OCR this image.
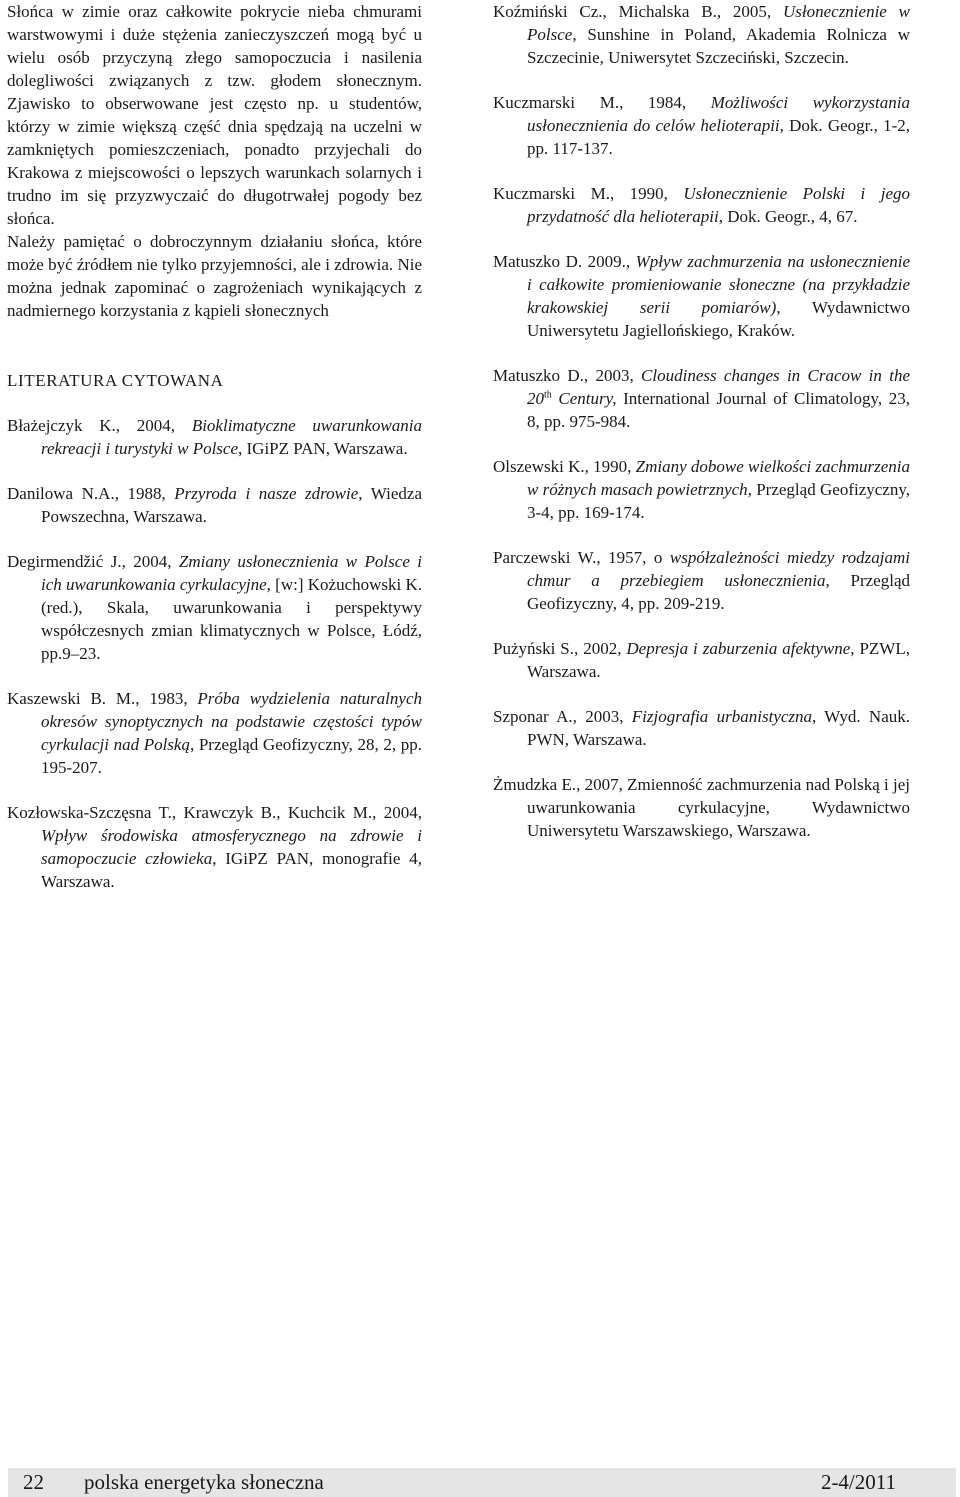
Słońca w zimie oraz całkowite pokrycie nieba chmurami warstwowymi i duże stężenia zanieczyszczeń mogą być u wielu osób przyczyną złego samopoczucia i nasilenia dolegliwości związanych z tzw. głodem słonecznym. Zjawisko to obserwowane jest często np. u studentów, którzy w zimie większą część dnia spędzają na uczelni w zamkniętych pomieszczeniach, ponadto przyjechali do Krakowa z miejscowości o lepszych warunkach solarnych i trudno im się przyzwyczaić do długotrwałej pogody bez słońca.

Należy pamiętać o dobroczynnym działaniu słońca, które może być źródłem nie tylko przyjemności, ale i zdrowia. Nie można jednak zapominać o zagrożeniach wynikających z nadmiernego korzystania z kąpieli słonecznych

LITERATURA CYTOWANA

Błażejczyk K., 2004, Bioklimatyczne uwarunkowania rekreacji i turystyki w Polsce, IGiPZ PAN, Warszawa.

Danilowa N.A., 1988, Przyroda i nasze zdrowie, Wiedza Powszechna, Warszawa.

Degirmendžić J., 2004, Zmiany usłonecznienia w Polsce i ich uwarunkowania cyrkulacyjne, [w:] Kożuchowski K. (red.), Skala, uwarunkowania i perspektywy współczesnych zmian klimatycznych w Polsce, Łódź, pp.9–23.

Kaszewski B. M., 1983, Próba wydzielenia naturalnych okresów synoptycznych na podstawie częstości typów cyrkulacji nad Polską, Przegląd Geofizyczny, 28, 2, pp. 195-207.

Kozłowska-Szczęsna T., Krawczyk B., Kuchcik M., 2004, Wpływ środowiska atmosferycznego na zdrowie i samopoczucie człowieka, IGiPZ PAN, monografie 4, Warszawa.

Koźmiński Cz., Michalska B., 2005, Usłonecznienie w Polsce, Sunshine in Poland, Akademia Rolnicza w Szczecinie, Uniwersytet Szczeciński, Szczecin.

Kuczmarski M., 1984, Możliwości wykorzystania usłonecznienia do celów helioterapii, Dok. Geogr., 1-2, pp. 117-137.

Kuczmarski M., 1990, Usłonecznienie Polski i jego przydatność dla helioterapii, Dok. Geogr., 4, 67.

Matuszko D. 2009., Wpływ zachmurzenia na usłonecznienie i całkowite promieniowanie słoneczne (na przykładzie krakowskiej serii pomiarów), Wydawnictwo Uniwersytetu Jagiellońskiego, Kraków.

Matuszko D., 2003, Cloudiness changes in Cracow in the 20th Century, International Journal of Climatology, 23, 8, pp. 975-984.

Olszewski K., 1990, Zmiany dobowe wielkości zachmurzenia w różnych masach powietrznych, Przegląd Geofizyczny, 3-4, pp. 169-174.

Parczewski W., 1957, o współzależności miedzy rodzajami chmur a przebiegiem usłonecznienia, Przegląd Geofizyczny, 4, pp. 209-219.

Pużyński S., 2002, Depresja i zaburzenia afektywne, PZWL, Warszawa.

Szponar A., 2003, Fizjografia urbanistyczna, Wyd. Nauk. PWN, Warszawa.

Żmudzka E., 2007, Zmienność zachmurzenia nad Polską i jej uwarunkowania cyrkulacyjne, Wydawnictwo Uniwersytetu Warszawskiego, Warszawa.

22 polska energetyka słoneczna	2-4/2011
